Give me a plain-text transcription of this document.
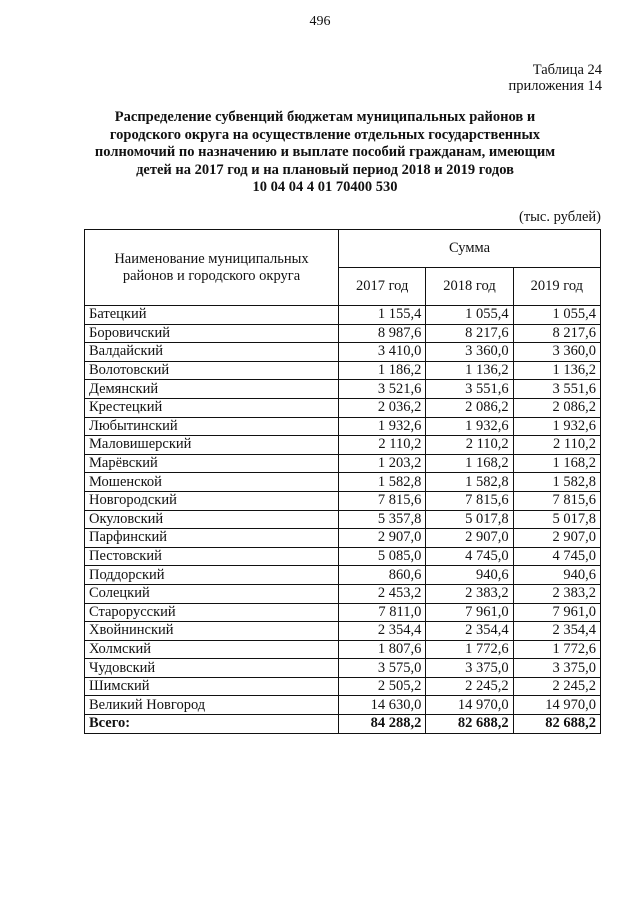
496
Таблица 24
приложения 14
Распределение субвенций бюджетам муниципальных районов и городского округа на осуществление отдельных государственных полномочий по назначению и выплате пособий гражданам, имеющим детей на 2017 год и на плановый период 2018 и 2019 годов
10 04 04 4 01 70400 530
(тыс. рублей)
Наименование муниципальных районов и городского округа	Сумма		
	2017 год	2018 год	2019 год
Батецкий	1 155,4	1 055,4	1 055,4
Боровичский	8 987,6	8 217,6	8 217,6
Валдайский	3 410,0	3 360,0	3 360,0
Волотовский	1 186,2	1 136,2	1 136,2
Демянский	3 521,6	3 551,6	3 551,6
Крестецкий	2 036,2	2 086,2	2 086,2
Любытинский	1 932,6	1 932,6	1 932,6
Маловишерский	2 110,2	2 110,2	2 110,2
Марёвский	1 203,2	1 168,2	1 168,2
Мошенской	1 582,8	1 582,8	1 582,8
Новгородский	7 815,6	7 815,6	7 815,6
Окуловский	5 357,8	5 017,8	5 017,8
Парфинский	2 907,0	2 907,0	2 907,0
Пестовский	5 085,0	4 745,0	4 745,0
Поддорский	860,6	940,6	940,6
Солецкий	2 453,2	2 383,2	2 383,2
Старорусский	7 811,0	7 961,0	7 961,0
Хвойнинский	2 354,4	2 354,4	2 354,4
Холмский	1 807,6	1 772,6	1 772,6
Чудовский	3 575,0	3 375,0	3 375,0
Шимский	2 505,2	2 245,2	2 245,2
Великий Новгород	14 630,0	14 970,0	14 970,0
Всего:	84 288,2	82 688,2	82 688,2
